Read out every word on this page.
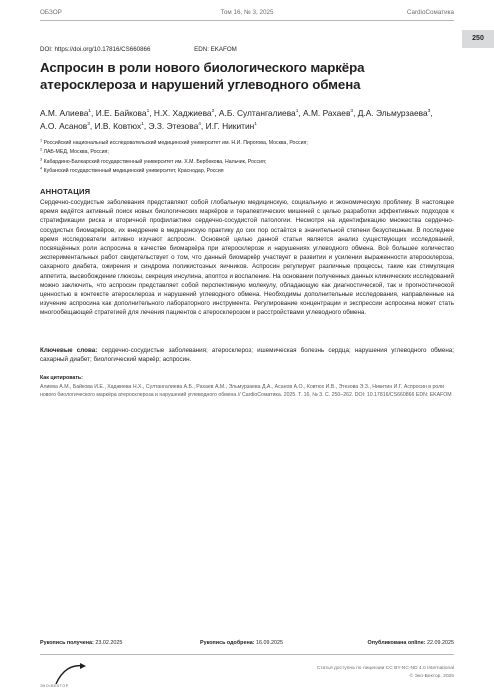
ОБЗОР	Том 16, № 3, 2025	CardioСоматика
250
DOI: https://doi.org/10.17816/CS660866	EDN: EKAFOM
Аспросин в роли нового биологического маркёра атеросклероза и нарушений углеводного обмена
А.М. Алиева$^1$, И.Е. Байкова$^1$, Н.Х. Хаджиева$^2$, А.Б. Султангалиева$^1$, А.М. Рахаев$^3$, Д.А. Эльмурзаева$^3$, А.О. Асанов$^3$, И.В. Ковтюх$^1$, Э.З. Этезова$^4$, И.Г. Никитин$^1$
$^1$ Российский национальный исследовательский медицинский университет им. Н.И. Пирогова, Москва, Россия;
$^2$ ЛАБ-МЕД, Москва, Россия;
$^3$ Кабардино-Балкарский государственный университет им. Х.М. Бербекова, Нальчик, Россия;
$^4$ Кубанский государственный медицинский университет, Краснодар, Россия
АННОТАЦИЯ

Сердечно-сосудистые заболевания представляют собой глобальную медицинскую, социальную и экономическую проблему. В настоящее время ведётся активный поиск новых биологических маркёров и терапевтических мишеней с целью разработки эффективных подходов к стратификации риска и вторичной профилактике сердечно-сосудистой патологии. Несмотря на идентификацию множества сердечно-сосудистых биомаркёров, их внедрение в медицинскую практику до сих пор остаётся в значительной степени безуспешным. В последнее время исследователи активно изучают аспросин. Основной целью данной статьи является анализ существующих исследований, посвящённых роли аспросина в качестве биомаркёра при атеросклерозе и нарушениях углеводного обмена. Всё большее количество экспериментальных работ свидетельствует о том, что данный биомаркёр участвует в развитии и усилении выраженности атеросклероза, сахарного диабета, ожирения и синдрома поликистозных яичников. Аспросин регулирует различные процессы, такие как стимуляция аппетита, высвобождение глюкозы, секреция инсулина, апоптоз и воспаление. На основании полученных данных клинических исследований можно заключить, что аспросин представляет собой перспективную молекулу, обладающую как диагностической, так и прогностической ценностью в контексте атеросклероза и нарушений углеводного обмена. Необходимы дополнительные исследования, направленные на изучение аспросина как дополнительного лабораторного инструмента. Регулирование концентрации и экспрессии аспросина может стать многообещающей стратегией для лечения пациентов с атеросклерозом и расстройствами углеводного обмена.

Ключевые слова: сердечно-сосудистые заболевания; атеросклероз; ишемическая болезнь сердца; нарушения углеводного обмена; сахарный диабет; биологический маркёр; аспросин.

Как цитировать:

Алиева А.М., Байкова И.Е., Хаджиева Н.Х., Султангалиева А.Б., Рахаев А.М., Эльмурзаева Д.А., Асанов А.О., Ковтюх И.В., Этезова Э.З., Никитин И.Г. Аспросин в роли нового биологического маркёра атеросклероза и нарушений углеводного обмена // CardioСоматика. 2025. Т. 16, № 3. С. 250–262. DOI: 10.17816/CS660866 EDN: EKAFOM

Рукопись получена: 23.02.2025	Рукопись одобрена: 16.09.2025	Опубликована online: 22.09.2025
ЭКО•ВЕКТОР
Статья доступна по лицензии CC BY-NC-ND 4.0 International
© Эко-Вектор, 2025
